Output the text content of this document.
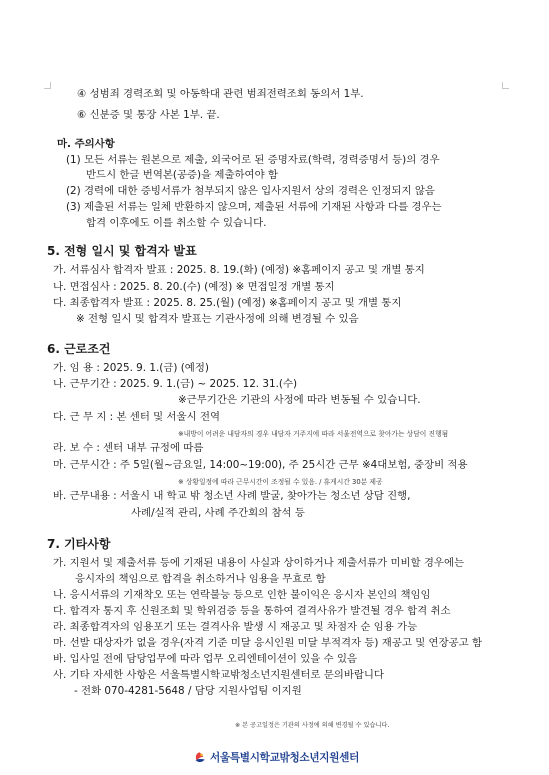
④ 성범죄 경력조회 및 아동학대 관련 범죄전력조회 동의서 1부.
⑥ 신분증 및 통장 사본 1부. 끝.
마. 주의사항
(1) 모든 서류는 원본으로 제출, 외국어로 된 증명자료(학력, 경력증명서 등)의 경우
반드시 한글 번역본(공증)을 제출하여야 함
(2) 경력에 대한 증빙서류가 첨부되지 않은 입사지원서 상의 경력은 인정되지 않음
(3) 제출된 서류는 일체 반환하지 않으며, 제출된 서류에 기재된 사항과 다를 경우는
합격 이후에도 이를 취소할 수 있습니다.
5. 전형 일시 및 합격자 발표
가. 서류심사 합격자 발표 : 2025. 8. 19.(화) (예정) ※홈페이지 공고 및 개별 통지
나. 면접심사 : 2025. 8. 20.(수) (예정) ※ 면접일정 개별 통지
다. 최종합격자 발표 : 2025. 8. 25.(월) (예정) ※홈페이지 공고 및 개별 통지
※ 전형 일시 및 합격자 발표는 기관사정에 의해 변경될 수 있음
6. 근로조건
가. 임 용 : 2025. 9. 1.(금) (예정)
나. 근무기간 : 2025. 9. 1.(금) ~ 2025. 12. 31.(수)
※근무기간은 기관의 사정에 따라 변동될 수 있습니다.
다. 근 무 지 : 본 센터 및 서울시 전역
※내방이 어려운 내담자의 경우 내담자 거주지에 따라 서울전역으로 찾아가는 상담이 진행됨
라. 보 수 : 센터 내부 규정에 따름
마. 근무시간 : 주 5일(월~금요일, 14:00~19:00), 주 25시간 근무 ※4대보험, 중장비 적용
※ 상황일정에 따라 근무시간이 조정될 수 있음. / 휴게시간 30분 제공
바. 근무내용 : 서울시 내 학교 밖 청소년 사례 발굴, 찾아가는 청소년 상담 진행,
사례/실적 관리, 사례 주간회의 참석 등
7. 기타사항
가. 지원서 및 제출서류 등에 기재된 내용이 사실과 상이하거나 제출서류가 미비할 경우에는
응시자의 책임으로 합격을 취소하거나 임용을 무효로 함
나. 응시서류의 기재착오 또는 연락불능 등으로 인한 불이익은 응시자 본인의 책임임
다. 합격자 통지 후 신원조회 및 학위검증 등을 통하여 결격사유가 발견될 경우 합격 취소
라. 최종합격자의 임용포기 또는 결격사유 발생 시 재공고 및 차점자 순 임용 가능
마. 선발 대상자가 없을 경우(자격 기준 미달 응시인원 미달 부적격자 등) 재공고 및 연장공고 함
바. 입사일 전에 담당업무에 따라 업무 오리엔테이션이 있을 수 있음
사. 기타 자세한 사항은 서울특별시학교밖청소년지원센터로 문의바랍니다
- 전화 070-4281-5648 / 담당 지원사업팀 이지원
※ 본 공고일정은 기관의 사정에 의해 변경될 수 있습니다.
서울특별시학교밖청소년지원센터
